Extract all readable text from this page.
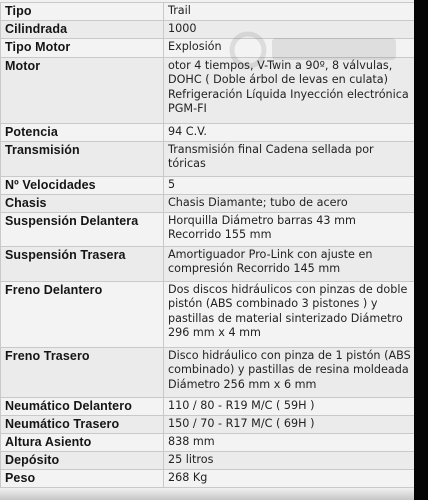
Tipo	Trail
Cilindrada	1000
Tipo Motor	Explosión
Motor	otor 4 tiempos, V-Twin a 90º, 8 válvulas, DOHC ( Doble árbol de levas en culata) Refrigeración Líquida Inyección electrónica PGM-FI
Potencia	94 C.V.
Transmisión	Transmisión final Cadena sellada por tóricas
Nº Velocidades	5
Chasis	Chasis Diamante; tubo de acero
Suspensión Delantera	Horquilla Diámetro barras 43 mm Recorrido 155 mm
Suspensión Trasera	Amortiguador Pro-Link con ajuste en compresión Recorrido 145 mm
Freno Delantero	Dos discos hidráulicos con pinzas de doble pistón (ABS combinado 3 pistones ) y pastillas de material sinterizado Diámetro 296 mm x 4 mm
Freno Trasero	Disco hidráulico con pinza de 1 pistón (ABS combinado) y pastillas de resina moldeada Diámetro 256 mm x 6 mm
Neumático Delantero	110 / 80 - R19 M/C ( 59H )
Neumático Trasero	150 / 70 - R17 M/C ( 69H )
Altura Asiento	838 mm
Depósito	25 litros
Peso	268 Kg
